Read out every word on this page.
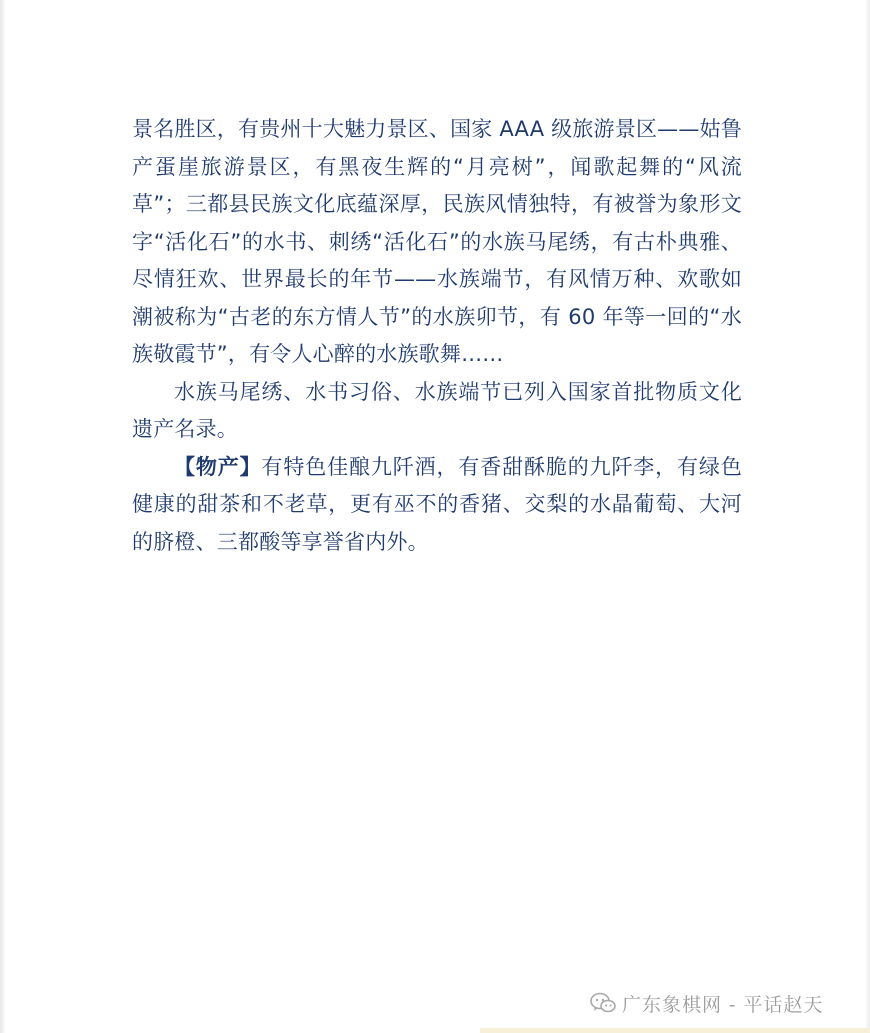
景名胜区，有贵州十大魅力景区、国家 AAA 级旅游景区——姑鲁产蛋崖旅游景区，有黑夜生辉的“月亮树”，闻歌起舞的“风流草”；三都县民族文化底蕴深厚，民族风情独特，有被誉为象形文字“活化石”的水书、刺绣“活化石”的水族马尾绣，有古朴典雅、尽情狂欢、世界最长的年节——水族端节，有风情万种、欢歌如潮被称为“古老的东方情人节”的水族卯节，有 60 年等一回的“水族敬霞节”，有令人心醉的水族歌舞……

水族马尾绣、水书习俗、水族端节已列入国家首批物质文化遗产名录。

【物产】有特色佳酿九阡酒，有香甜酥脆的九阡李，有绿色健康的甜茶和不老草，更有巫不的香猪、交梨的水晶葡萄、大河的脐橙、三都酸等享誉省内外。

广东象棋网 - 平话赵天
